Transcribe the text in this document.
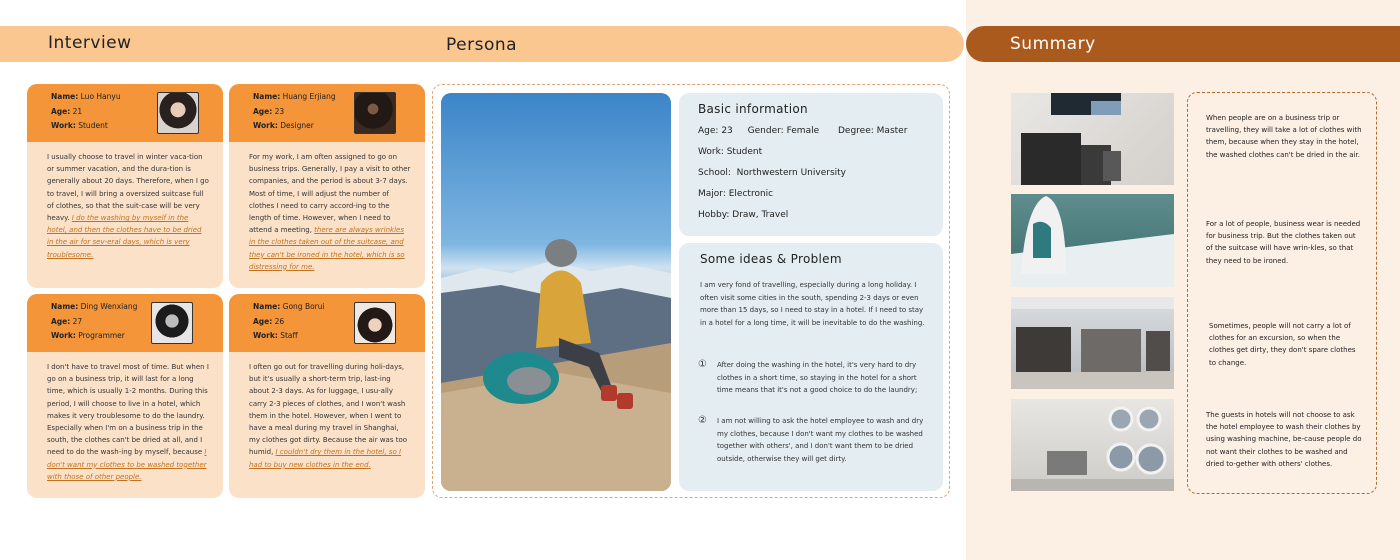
Interview	Persona	Summary
Name: Luo Hanyu
Age: 21
Work: Student
I usually choose to travel in winter vaca-tion or summer vacation, and the dura-tion is generally about 20 days. Therefore, when I go to travel, I will bring a oversized suitcase full of clothes, so that the suit-case will be very heavy. I do the washing by myself in the hotel, and then the clothes have to be dried in the air for sev-eral days, which is very troublesome.
Name: Huang Erjiang
Age: 23
Work: Designer
For my work, I am often assigned to go on business trips. Generally, I pay a visit to other companies, and the period is about 3-7 days. Most of time, I will adjust the number of clothes I need to carry accord-ing to the length of time. However, when I need to attend a meeting, there are always wrinkles in the clothes taken out of the suitcase, and they can't be ironed in the hotel, which is so distressing for me.
Name: Ding Wenxiang
Age: 27
Work: Programmer
I don't have to travel most of time. But when I go on a business trip, it will last for a long time, which is usually 1-2 months. During this period, I will choose to live in a hotel, which makes it very troublesome to do the laundry. Especially when I'm on a business trip in the south, the clothes can't be dried at all, and I need to do the wash-ing by myself, because I don't want my clothes to be washed together with those of other people.
Name: Gong Borui
Age: 26
Work: Staff
I often go out for travelling during holi-days, but it's usually a short-term trip, last-ing about 2-3 days. As for luggage, I usu-ally carry 2-3 pieces of clothes, and I won't wash them in the hotel. However, when I went to have a meal during my travel in Shanghai, my clothes got dirty. Because the air was too humid, I couldn't dry them in the hotel, so I had to buy new clothes in the end.
Basic information
Age: 23 Gender: Female Degree: Master
Work: Student
School: Northwestern University
Major: Electronic
Hobby: Draw, Travel
Some ideas & Problem
I am very fond of travelling, especially during a long holiday. I often visit some cities in the south, spending 2-3 days or even more than 15 days, so I need to stay in a hotel. If I need to stay in a hotel for a long time, it will be inevitable to do the washing.
① After doing the washing in the hotel, it's very hard to dry clothes in a short time, so staying in the hotel for a short time means that it's not a good choice to do the laundry;
② I am not willing to ask the hotel employee to wash and dry my clothes, because I don't want my clothes to be washed together with others', and I don't want them to be dried outside, otherwise they will get dirty.
When people are on a business trip or travelling, they will take a lot of clothes with them, because when they stay in the hotel, the washed clothes can't be dried in the air.
For a lot of people, business wear is needed for business trip. But the clothes taken out of the suitcase will have wrin-kles, so that they need to be ironed.
Sometimes, people will not carry a lot of clothes for an excursion, so when the clothes get dirty, they don't spare clothes to change.
The guests in hotels will not choose to ask the hotel employee to wash their clothes by using washing machine, be-cause people do not want their clothes to be washed and dried to-gether with others' clothes.
